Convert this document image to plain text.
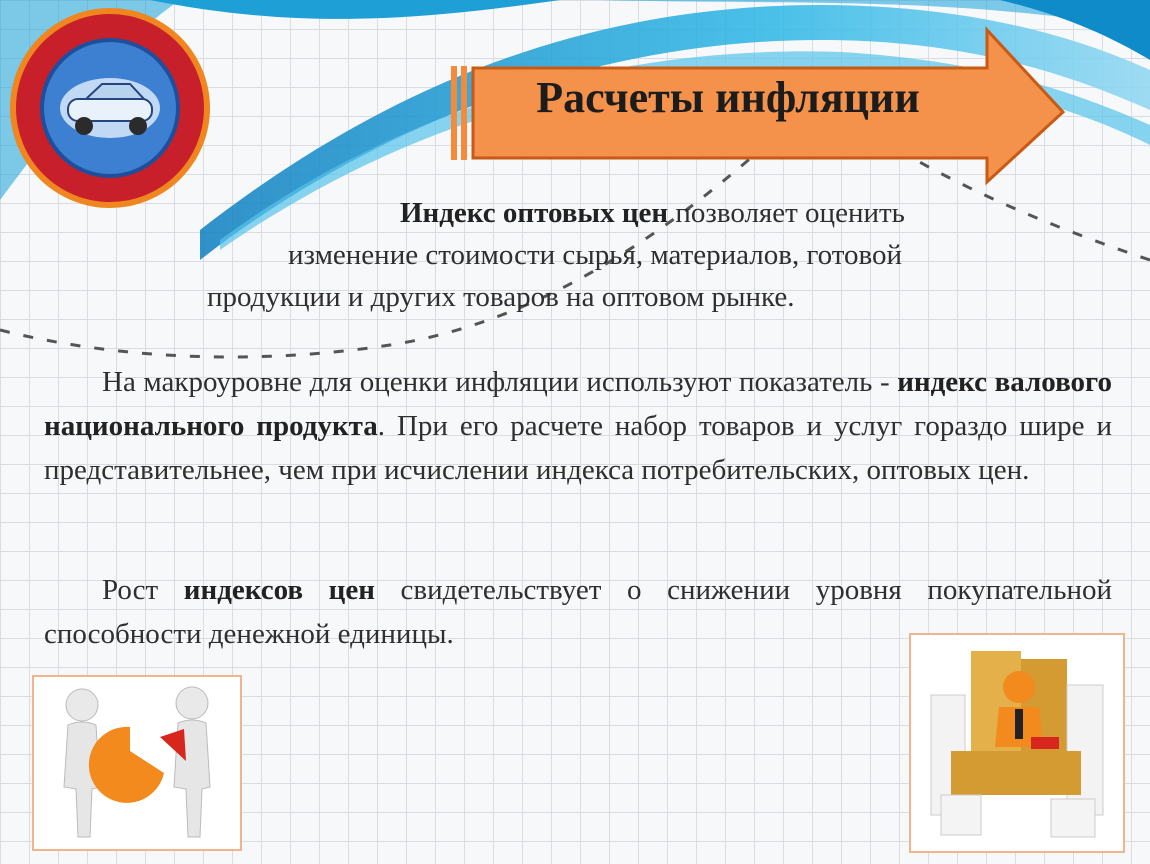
Расчеты инфляции
Индекс оптовых цен позволяет оценить
изменение стоимости сырья, материалов, готовой
продукции и других товаров на оптовом рынке.
На макроуровне для оценки инфляции используют показатель - индекс валового национального продукта. При его расчете набор товаров и услуг гораздо шире и представительнее, чем при исчислении индекса потребительских, оптовых цен.
Рост индексов цен свидетельствует о снижении уровня покупательной способности денежной единицы.
